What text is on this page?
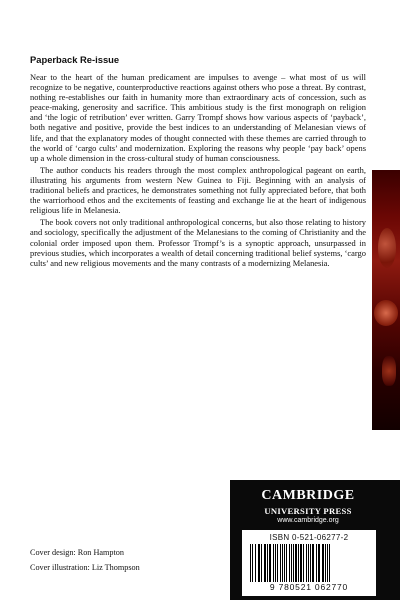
Paperback Re-issue

Near to the heart of the human predicament are impulses to avenge – what most of us will recognize to be negative, counterproductive reactions against others who pose a threat. By contrast, nothing re-establishes our faith in humanity more than extraordinary acts of concession, such as peace-making, generosity and sacrifice. This ambitious study is the first monograph on religion and ‘the logic of retribution’ ever written. Garry Trompf shows how various aspects of ‘payback’, both negative and positive, provide the best indices to an understanding of Melanesian views of life, and that the explanatory modes of thought connected with these themes are carried through to the world of ‘cargo cults’ and modernization. Exploring the reasons why people ‘pay back’ opens up a whole dimension in the cross-cultural study of human consciousness.

The author conducts his readers through the most complex anthropological pageant on earth, illustrating his arguments from western New Guinea to Fiji. Beginning with an analysis of traditional beliefs and practices, he demonstrates something not fully appreciated before, that both the warriorhood ethos and the excitements of feasting and exchange lie at the heart of indigenous religious life in Melanesia.

The book covers not only traditional anthropological concerns, but also those relating to history and sociology, specifically the adjustment of the Melanesians to the coming of Christianity and the colonial order imposed upon them. Professor Trompf’s is a synoptic approach, unsurpassed in previous studies, which incorporates a wealth of detail concerning traditional belief systems, ‘cargo cults’ and new religious movements and the many contrasts of a modernizing Melanesia.

CAMBRIDGE

UNIVERSITY PRESS

www.cambridge.org

ISBN 0-521-06277-2

9 780521 062770

Cover design: Ron Hampton

Cover illustration: Liz Thompson
